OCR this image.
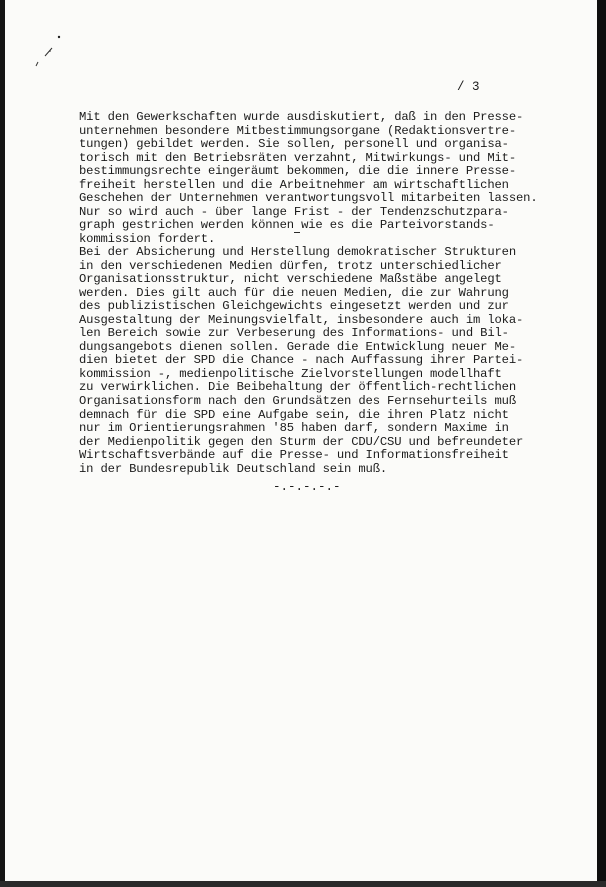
/ 3
Mit den Gewerkschaften wurde ausdiskutiert, daß in den Presse-
unternehmen besondere Mitbestimmungsorgane (Redaktionsvertre-
tungen) gebildet werden. Sie sollen, personell und organisa-
torisch mit den Betriebsräten verzahnt, Mitwirkungs- und Mit-
bestimmungsrechte eingeräumt bekommen, die die innere Presse-
freiheit herstellen und die Arbeitnehmer am wirtschaftlichen
Geschehen der Unternehmen verantwortungsvoll mitarbeiten lassen.
Nur so wird auch - über lange Frist - der Tendenzschutzpara-
graph gestrichen werden können wie es die Parteivorstands-
kommission fordert.
Bei der Absicherung und Herstellung demokratischer Strukturen
in den verschiedenen Medien dürfen, trotz unterschiedlicher
Organisationsstruktur, nicht verschiedene Maßstäbe angelegt
werden. Dies gilt auch für die neuen Medien, die zur Wahrung
des publizistischen Gleichgewichts eingesetzt werden und zur
Ausgestaltung der Meinungsvielfalt, insbesondere auch im loka-
len Bereich sowie zur Verbeserung des Informations- und Bil-
dungsangebots dienen sollen. Gerade die Entwicklung neuer Me-
dien bietet der SPD die Chance - nach Auffassung ihrer Partei-
kommission -, medienpolitische Zielvorstellungen modellhaft
zu verwirklichen. Die Beibehaltung der öffentlich-rechtlichen
Organisationsform nach den Grundsätzen des Fernsehurteils muß
demnach für die SPD eine Aufgabe sein, die ihren Platz nicht
nur im Orientierungsrahmen '85 haben darf, sondern Maxime in
der Medienpolitik gegen den Sturm der CDU/CSU und befreundeter
Wirtschaftsverbände auf die Presse- und Informationsfreiheit
in der Bundesrepublik Deutschland sein muß.
-.-.-.-.-
